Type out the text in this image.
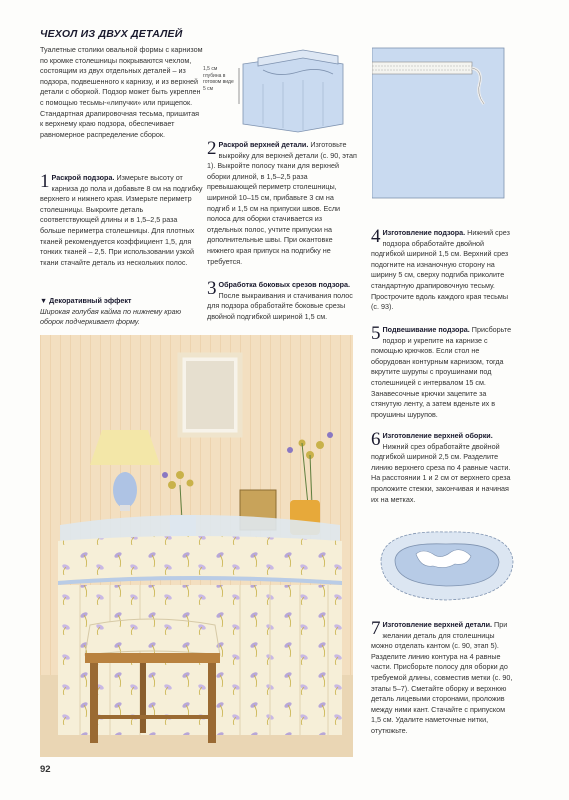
ЧЕХОЛ ИЗ ДВУХ ДЕТАЛЕЙ
Туалетные столики овальной формы с карнизом по кромке столешницы покрываются чехлом, состоящим из двух отдельных деталей – из подзора, подвешенного к карнизу, и из верхней детали с оборкой. Подзор может быть укреплен с помощью тесьмы-«липучки» или прищепок. Стандартная драпировочная тесьма, пришитая к верхнему краю подзора, обеспечивает равномерное распределение сборок.
1 Раскрой подзора. Измерьте высоту от карниза до пола и добавьте 8 см на подгибку верхнего и нижнего края. Измерьте периметр столешницы. Выкроите деталь соответствующей длины и в 1,5–2,5 раза больше периметра столешницы. Для плотных тканей рекомендуется коэффициент 1,5, для тонких тканей – 2,5. При использовании узкой ткани стачайте деталь из нескольких полос.
▼ Декоративный эффект
Широкая голубая кайма по нижнему краю оборок подчеркивает форму.
1,5 см
глубина в готовом виде
5 см
2 Раскрой верхней детали. Изготовьте выкройку для верхней детали (с. 90, этап 1). Выкройте полосу ткани для верхней оборки длиной, в 1,5–2,5 раза превышающей периметр столешницы, шириной 10–15 см, прибавьте 3 см на подгиб и 1,5 см на припуски швов. Если полоса для оборки стачивается из отдельных полос, учтите припуски на дополнительные швы. При окантовке нижнего края припуск на подгибку не требуется.
3 Обработка боковых срезов подзора. После выкраивания и стачивания полос для подзора обработайте боковые срезы двойной подгибкой шириной 1,5 см.
4 Изготовление подзора. Нижний срез подзора обработайте двойной подгибкой шириной 1,5 см. Верхний срез подогните на изнаночную сторону на ширину 5 см, сверху подгиба приколите стандартную драпировочную тесьму. Прострочите вдоль каждого края тесьмы (с. 93).
5 Подвешивание подзора. Присборьте подзор и укрепите на карнизе с помощью крючков. Если стол не оборудован контурным карнизом, тогда вкрутите шурупы с проушинами под столешницей с интервалом 15 см. Занавесочные крючки зацепите за стянутую ленту, а затем вденьте их в проушины шурупов.
6 Изготовление верхней оборки. Нижний срез обработайте двойной подгибкой шириной 2,5 см. Разделите линию верхнего среза по 4 равные части. На расстоянии 1 и 2 см от верхнего среза проложите стежки, закончивая и начиная их на метках.
7 Изготовление верхней детали. При желании деталь для столешницы можно отделать кантом (с. 90, этап 5). Разделите линию контура на 4 равные части. Присборьте полосу для оборки до требуемой длины, совместив метки (с. 90, этапы 5–7). Сметайте оборку и верхнюю деталь лицевыми сторонами, проложив между ними кант. Стачайте с припуском 1,5 см. Удалите наметочные нитки, отутюжьте.
92
